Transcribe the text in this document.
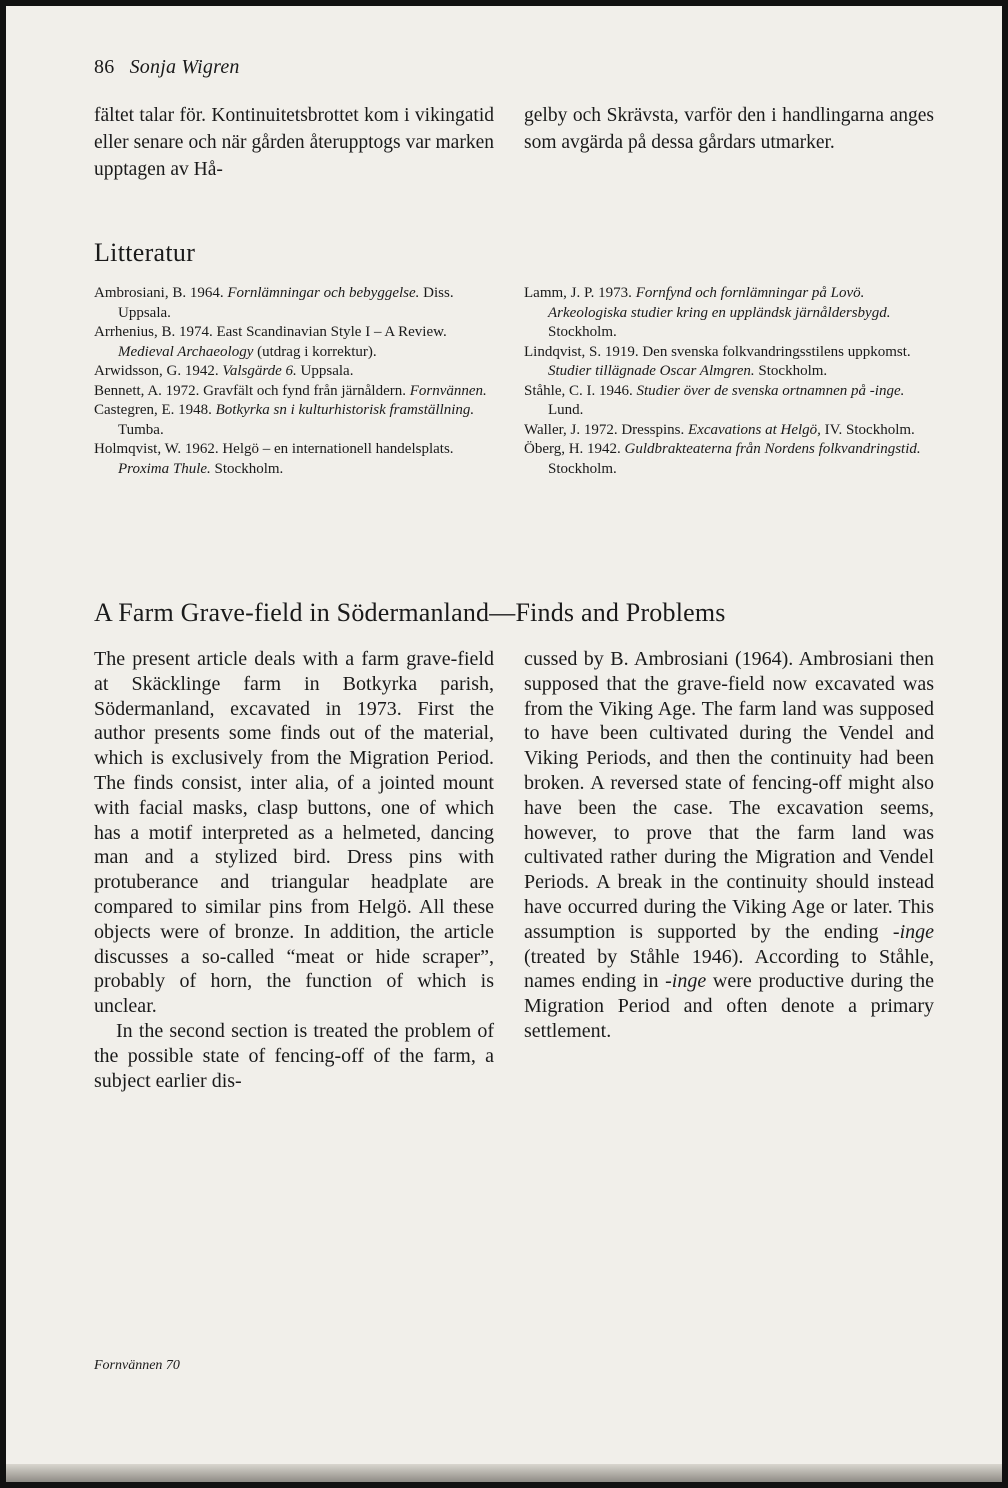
86 Sonja Wigren
fältet talar för. Kontinuitetsbrottet kom i vikingatid eller senare och när gården återupptogs var marken upptagen av Hå-
gelby och Skrävsta, varför den i handlingarna anges som avgärda på dessa gårdars utmarker.
Litteratur

Ambrosiani, B. 1964. Fornlämningar och bebyggelse. Diss. Uppsala.

Arrhenius, B. 1974. East Scandinavian Style I – A Review. Medieval Archaeology (utdrag i korrektur).

Arwidsson, G. 1942. Valsgärde 6. Uppsala.

Bennett, A. 1972. Gravfält och fynd från järnåldern. Fornvännen.

Castegren, E. 1948. Botkyrka sn i kulturhistorisk framställning. Tumba.

Holmqvist, W. 1962. Helgö – en internationell handelsplats. Proxima Thule. Stockholm.

Lamm, J. P. 1973. Fornfynd och fornlämningar på Lovö. Arkeologiska studier kring en uppländsk järnåldersbygd. Stockholm.

Lindqvist, S. 1919. Den svenska folkvandringsstilens uppkomst. Studier tillägnade Oscar Almgren. Stockholm.

Ståhle, C. I. 1946. Studier över de svenska ortnamnen på -inge. Lund.

Waller, J. 1972. Dresspins. Excavations at Helgö, IV. Stockholm.

Öberg, H. 1942. Guldbrakteaterna från Nordens folkvandringstid. Stockholm.

A Farm Grave-field in Södermanland—Finds and Problems

The present article deals with a farm grave-field at Skäcklinge farm in Botkyrka parish, Södermanland, excavated in 1973. First the author presents some finds out of the material, which is exclusively from the Migration Period. The finds consist, inter alia, of a jointed mount with facial masks, clasp buttons, one of which has a motif interpreted as a helmeted, dancing man and a stylized bird. Dress pins with protuberance and triangular headplate are compared to similar pins from Helgö. All these objects were of bronze. In addition, the article discusses a so-called “meat or hide scraper”, probably of horn, the function of which is unclear.

In the second section is treated the problem of the possible state of fencing-off of the farm, a subject earlier dis-

cussed by B. Ambrosiani (1964). Ambrosiani then supposed that the grave-field now excavated was from the Viking Age. The farm land was supposed to have been cultivated during the Vendel and Viking Periods, and then the continuity had been broken. A reversed state of fencing-off might also have been the case. The excavation seems, however, to prove that the farm land was cultivated rather during the Migration and Vendel Periods. A break in the continuity should instead have occurred during the Viking Age or later. This assumption is supported by the ending -inge (treated by Ståhle 1946). According to Ståhle, names ending in -inge were productive during the Migration Period and often denote a primary settlement.

Fornvännen 70
